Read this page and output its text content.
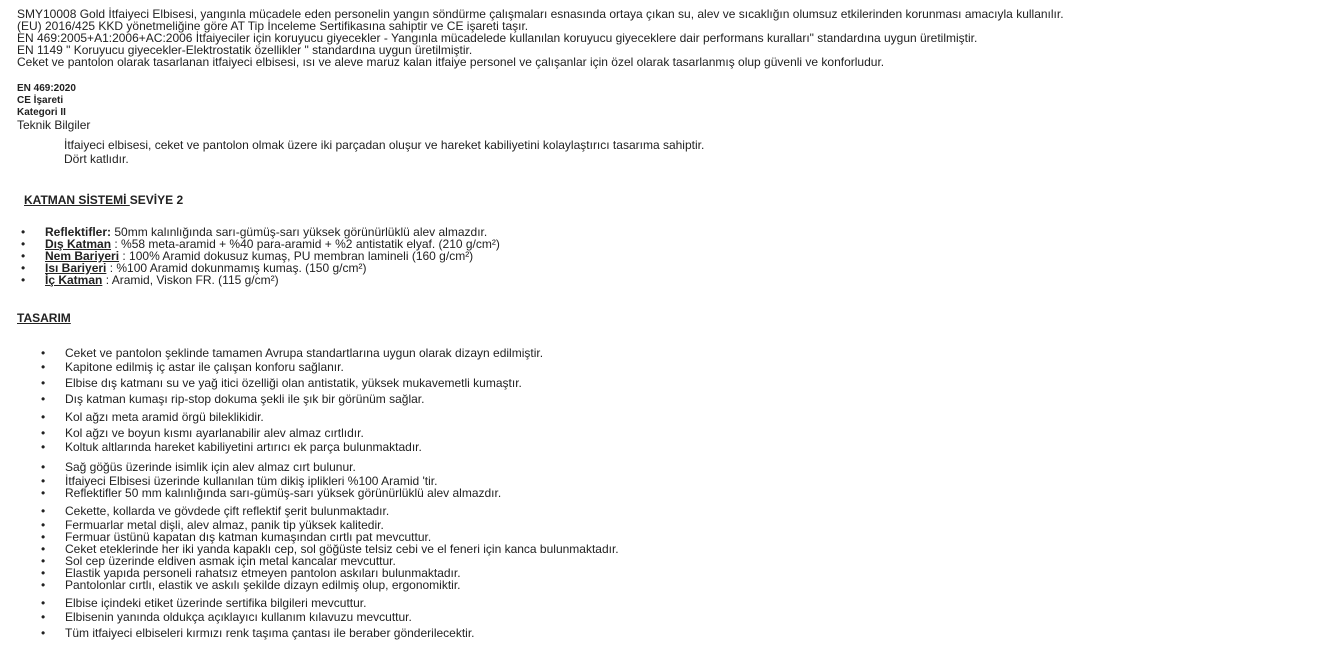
SMY10008 Gold İtfaiyeci Elbisesi, yangınla mücadele eden personelin yangın söndürme çalışmaları esnasında ortaya çıkan su, alev ve sıcaklığın olumsuz etkilerinden korunması amacıyla kullanılır.
(EU) 2016/425 KKD yönetmeliğine göre AT Tip İnceleme Sertifikasına sahiptir ve CE işareti taşır.
EN 469:2005+A1:2006+AC:2006 İtfaiyeciler için koruyucu giyecekler - Yangınla mücadelede kullanılan koruyucu giyeceklere dair performans kuralları" standardına uygun üretilmiştir.
EN 1149 " Koruyucu giyecekler-Elektrostatik özellikler " standardına uygun üretilmiştir.
Ceket ve pantolon olarak tasarlanan itfaiyeci elbisesi, ısı ve aleve maruz kalan itfaiye personel ve çalışanlar için özel olarak tasarlanmış olup güvenli ve konforludur.
EN 469:2020
CE İşareti
Kategori II
Teknik Bilgiler
İtfaiyeci elbisesi, ceket ve pantolon olmak üzere iki parçadan oluşur ve hareket kabiliyetini kolaylaştırıcı tasarıma sahiptir.
Dört katlıdır.
KATMAN SİSTEMİ SEVİYE 2
• Reflektifler: 50mm kalınlığında sarı-gümüş-sarı yüksek görünürlüklü alev almazdır.
• Dış Katman : %58 meta-aramid + %40 para-aramid + %2 antistatik elyaf. (210 g/cm²)
• Nem Bariyeri : 100% Aramid dokusuz kumaş, PU membran lamineli (160 g/cm²)
• Isı Bariyeri : %100 Aramid dokunmamış kumaş. (150 g/cm²)
• İç Katman : Aramid, Viskon FR. (115 g/cm²)
TASARIM
• Ceket ve pantolon şeklinde tamamen Avrupa standartlarına uygun olarak dizayn edilmiştir.
• Kapitone edilmiş iç astar ile çalışan konforu sağlanır.
• Elbise dış katmanı su ve yağ itici özelliği olan antistatik, yüksek mukavemetli kumaştır.
• Dış katman kumaşı rip-stop dokuma şekli ile şık bir görünüm sağlar.
• Kol ağzı meta aramid örgü bileklikidir.
• Kol ağzı ve boyun kısmı ayarlanabilir alev almaz cırtlıdır.
• Koltuk altlarında hareket kabiliyetini artırıcı ek parça bulunmaktadır.
• Sağ göğüs üzerinde isimlik için alev almaz cırt bulunur.
• İtfaiyeci Elbisesi üzerinde kullanılan tüm dikiş iplikleri %100 Aramid 'tir.
• Reflektifler 50 mm kalınlığında sarı-gümüş-sarı yüksek görünürlüklü alev almazdır.
• Cekette, kollarda ve gövdede çift reflektif şerit bulunmaktadır.
• Fermuarlar metal dişli, alev almaz, panik tip yüksek kalitedir.
• Fermuar üstünü kapatan dış katman kumaşından cırtlı pat mevcuttur.
• Ceket eteklerinde her iki yanda kapaklı cep, sol göğüste telsiz cebi ve el feneri için kanca bulunmaktadır.
• Sol cep üzerinde eldiven asmak için metal kancalar mevcuttur.
• Elastik yapıda personeli rahatsız etmeyen pantolon askıları bulunmaktadır.
• Pantolonlar cırtlı, elastik ve askılı şekilde dizayn edilmiş olup, ergonomiktir.
• Elbise içindeki etiket üzerinde sertifika bilgileri mevcuttur.
• Elbisenin yanında oldukça açıklayıcı kullanım kılavuzu mevcuttur.
• Tüm itfaiyeci elbiseleri kırmızı renk taşıma çantası ile beraber gönderilecektir.
